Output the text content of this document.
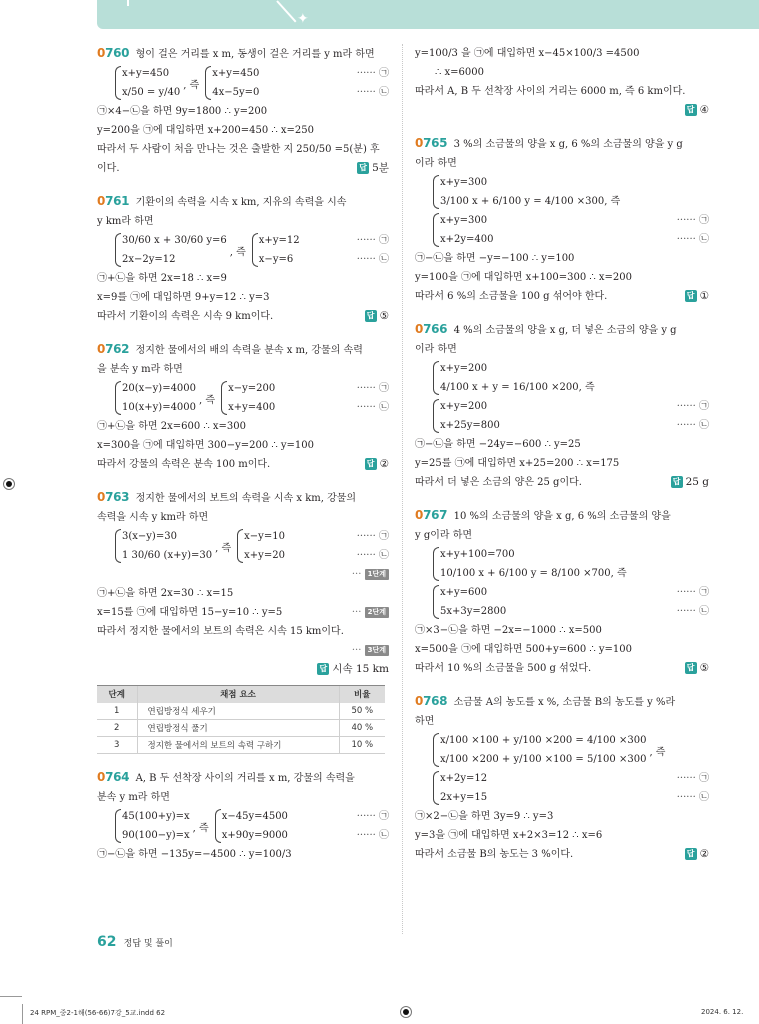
✦
0760 형이 걸은 거리를 x m, 동생이 걸은 거리를 y m라 하면
x+y=450
x/50 = y/40
, 즉
x+y=450
4x−5y=0
······ ㉠
······ ㉡
㉠×4−㉡을 하면 9y=1800 ∴ y=200
y=200을 ㉠에 대입하면 x+200=450 ∴ x=250
따라서 두 사람이 처음 만나는 것은 출발한 지 250/50 =5(분) 후
이다.	답 5분
0761 기환이의 속력을 시속 x km, 지유의 속력을 시속
y km라 하면
30/60 x + 30/60 y=6
2x−2y=12
, 즉
x+y=12
x−y=6
······ ㉠
······ ㉡
㉠+㉡을 하면 2x=18 ∴ x=9
x=9를 ㉠에 대입하면 9+y=12 ∴ y=3
따라서 기환이의 속력은 시속 9 km이다.	답 ⑤
0762 정지한 물에서의 배의 속력을 분속 x m, 강물의 속력
을 분속 y m라 하면
20(x−y)=4000
10(x+y)=4000
, 즉
x−y=200
x+y=400
······ ㉠
······ ㉡
㉠+㉡을 하면 2x=600 ∴ x=300
x=300을 ㉠에 대입하면 300−y=200 ∴ y=100
따라서 강물의 속력은 분속 100 m이다.	답 ②
0763 정지한 물에서의 보트의 속력을 시속 x km, 강물의
속력을 시속 y km라 하면
3(x−y)=30
1 30/60 (x+y)=30
, 즉
x−y=10
x+y=20
······ ㉠
······ ㉡
··· 1단계
㉠+㉡을 하면 2x=30 ∴ x=15
x=15를 ㉠에 대입하면 15−y=10 ∴ y=5	··· 2단계
따라서 정지한 물에서의 보트의 속력은 시속 15 km이다.
··· 3단계
답 시속 15 km
단계	채점 요소	비율
1	연립방정식 세우기	50 %
2	연립방정식 풀기	40 %
3	정지한 물에서의 보트의 속력 구하기	10 %
0764 A, B 두 선착장 사이의 거리를 x m, 강물의 속력을
분속 y m라 하면
45(100+y)=x
90(100−y)=x
, 즉
x−45y=4500
x+90y=9000
······ ㉠
······ ㉡
㉠−㉡을 하면 −135y=−4500 ∴ y=100/3
y=100/3 을 ㉠에 대입하면 x−45×100/3 =4500
∴ x=6000
따라서 A, B 두 선착장 사이의 거리는 6000 m, 즉 6 km이다.
답 ④
0765 3 %의 소금물의 양을 x g, 6 %의 소금물의 양을 y g
이라 하면
x+y=300
3/100 x + 6/100 y = 4/100 ×300, 즉
x+y=300
x+2y=400
······ ㉠
······ ㉡
㉠−㉡을 하면 −y=−100 ∴ y=100
y=100을 ㉠에 대입하면 x+100=300 ∴ x=200
따라서 6 %의 소금물을 100 g 섞어야 한다.	답 ①
0766 4 %의 소금물의 양을 x g, 더 넣은 소금의 양을 y g
이라 하면
x+y=200
4/100 x + y = 16/100 ×200, 즉
x+y=200
x+25y=800
······ ㉠
······ ㉡
㉠−㉡을 하면 −24y=−600 ∴ y=25
y=25를 ㉠에 대입하면 x+25=200 ∴ x=175
따라서 더 넣은 소금의 양은 25 g이다.	답 25 g
0767 10 %의 소금물의 양을 x g, 6 %의 소금물의 양을
y g이라 하면
x+y+100=700
10/100 x + 6/100 y = 8/100 ×700, 즉
x+y=600
5x+3y=2800
······ ㉠
······ ㉡
㉠×3−㉡을 하면 −2x=−1000 ∴ x=500
x=500을 ㉠에 대입하면 500+y=600 ∴ y=100
따라서 10 %의 소금물을 500 g 섞었다.	답 ⑤
0768 소금물 A의 농도를 x %, 소금물 B의 농도를 y %라
하면
x/100 ×100 + y/100 ×200 = 4/100 ×300
x/100 ×200 + y/100 ×100 = 5/100 ×300
, 즉
x+2y=12
2x+y=15
······ ㉠
······ ㉡
㉠×2−㉡을 하면 3y=9 ∴ y=3
y=3을 ㉠에 대입하면 x+2×3=12 ∴ x=6
따라서 소금물 B의 농도는 3 %이다.	답 ②
62 정답 및 풀이
24 RPM_중2-1해(56-66)7강_5교.indd 62	2024. 6. 12.
